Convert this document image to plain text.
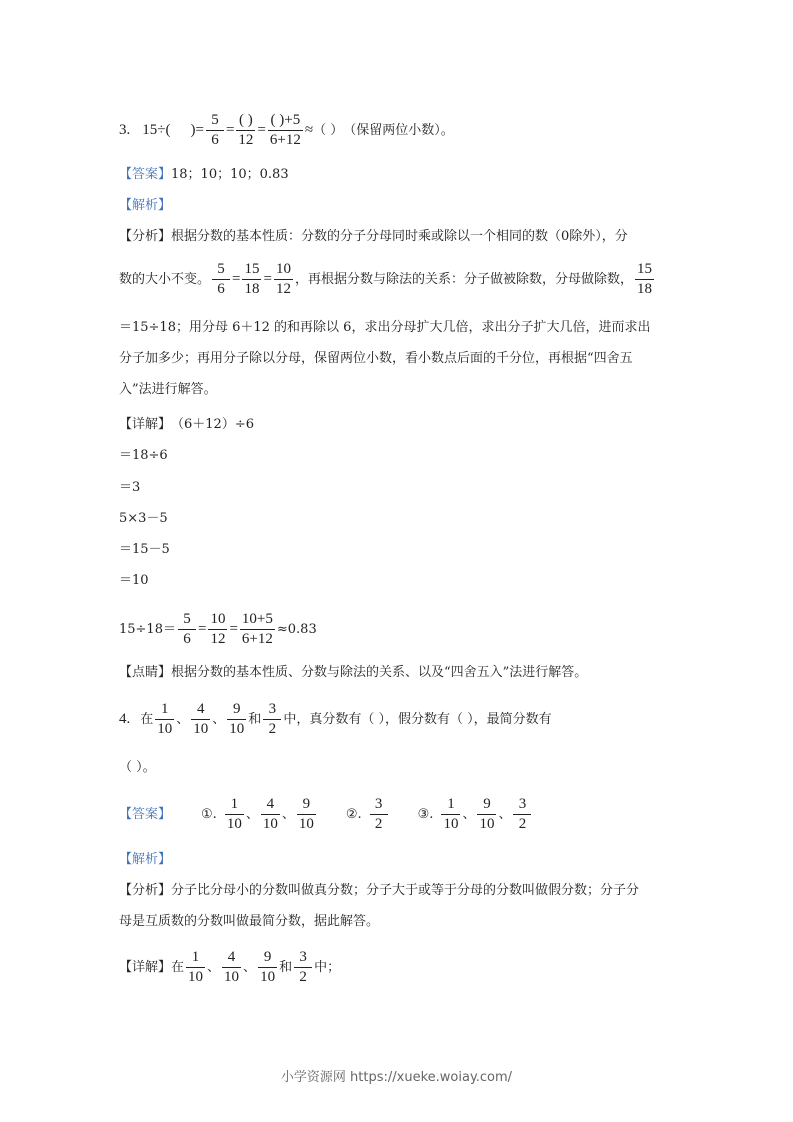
3. 15÷( ) = $\frac{5}{6} = \frac{( )}{12} = \frac{( )+5}{6+12}$ ≈ （ ） （保留两位小数）。
【答案】 18；10；10；0.83
【解析】
【分析】 根据分数的基本性质：分数的分子分母同时乘或除以一个相同的数（0除外），分
数的大小不变。 $\frac{5}{6} = \frac{15}{18} = \frac{10}{12}$ ，再根据分数与除法的关系：分子做被除数，分母做除数， $\frac{15}{18}$
＝15÷18；用分母 6＋12 的和再除以 6，求出分母扩大几倍，求出分子扩大几倍，进而求出
分子加多少；再用分子除以分母，保留两位小数，看小数点后面的千分位，再根据“四舍五
入”法进行解答。
【详解】 （6＋12）÷6
＝18÷6
＝3
5×3－5
＝15－5
＝10
$15\div 18= \frac{5}{6} = \frac{10}{12} = \frac{10+5}{6+12} \approx 0.83$
【点睛】 根据分数的基本性质、分数与除法的关系、以及“四舍五入”法进行解答。
4. 在 $\frac{1}{10}$ 、 $\frac{4}{10}$ 、 $\frac{9}{10}$ 和 $\frac{3}{2}$ 中，真分数有（ ），假分数有（ ），最简分数有
（ ）。
【答案】 ①. $\frac{1}{10}$ 、 $\frac{4}{10}$ 、 $\frac{9}{10}$ ②. $\frac{3}{2}$ ③. $\frac{1}{10}$ 、 $\frac{9}{10}$ 、 $\frac{3}{2}$
【解析】
【分析】 分子比分母小的分数叫做真分数；分子大于或等于分母的分数叫做假分数；分子分
母是互质数的分数叫做最简分数，据此解答。
【详解】 在 $\frac{1}{10}$ 、 $\frac{4}{10}$ 、 $\frac{9}{10}$ 和 $\frac{3}{2}$ 中；
小学资源网 https://xueke.woiay.com/
